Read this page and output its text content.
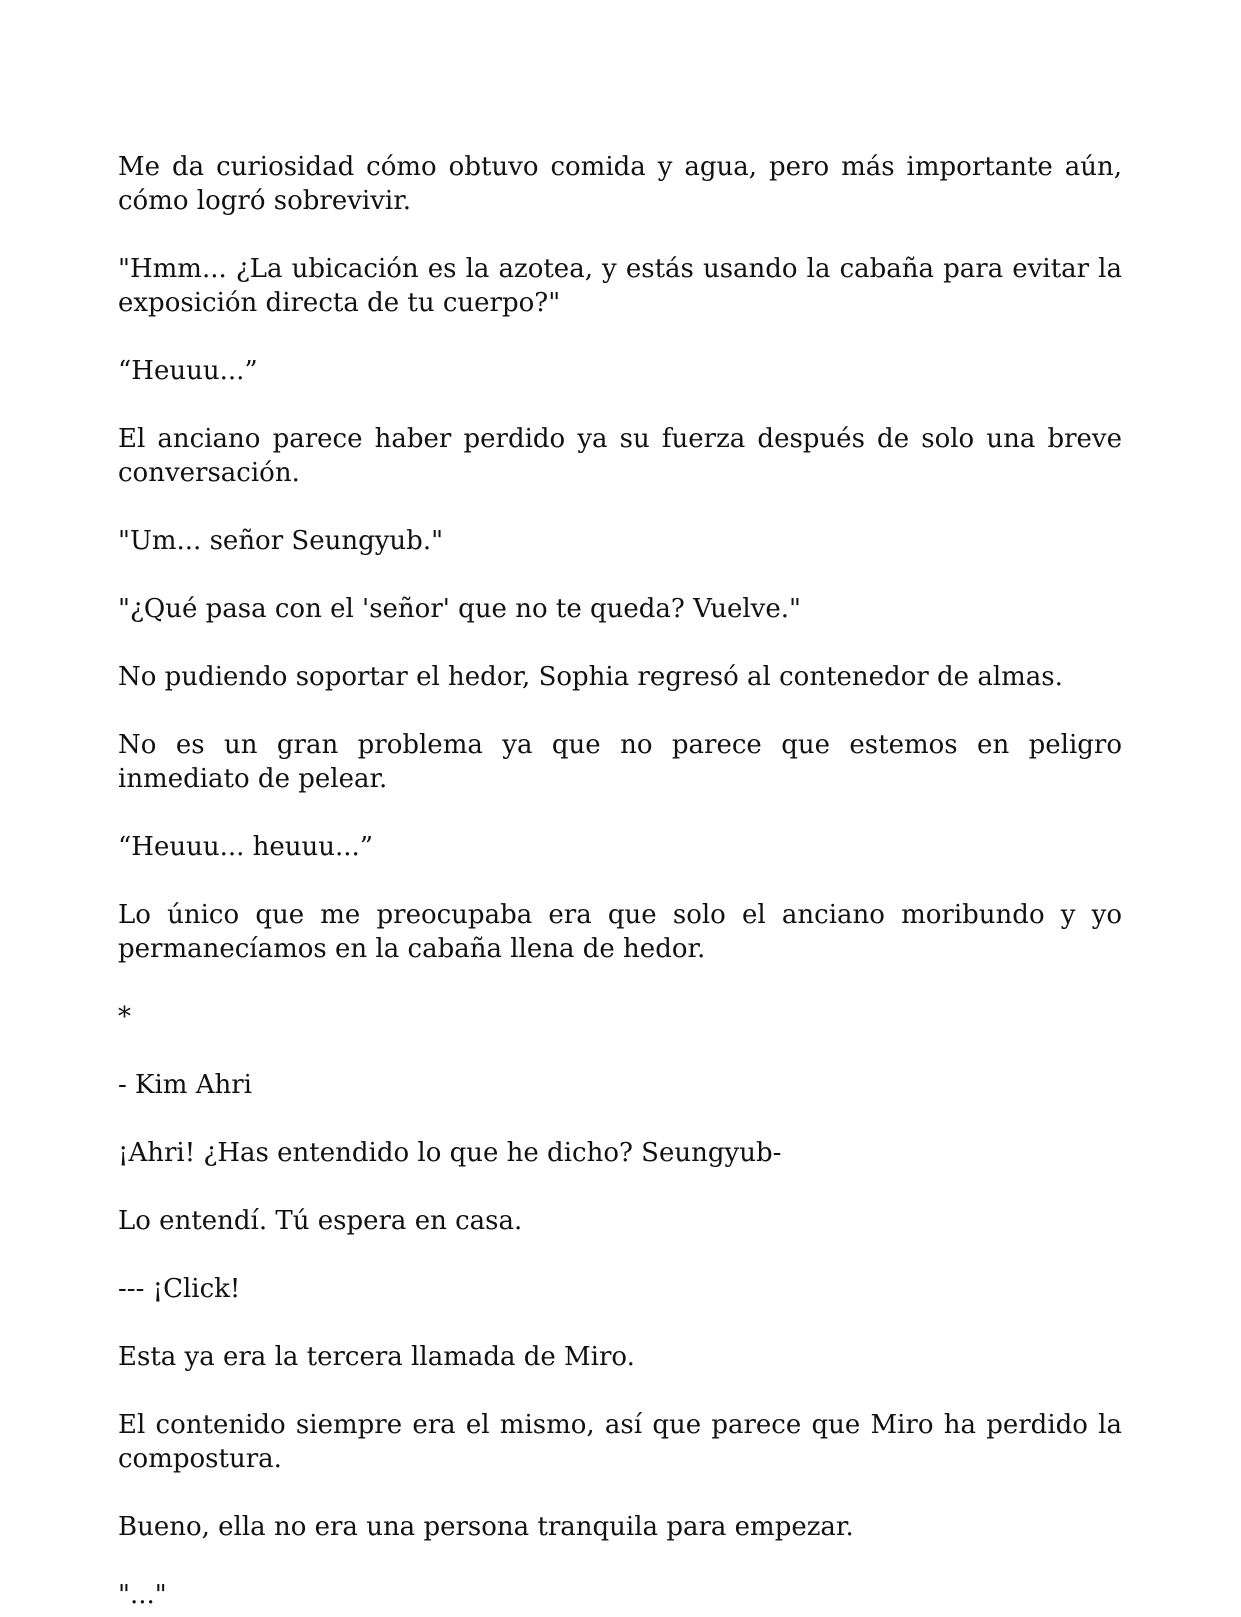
Me da curiosidad cómo obtuvo comida y agua, pero más importante aún, cómo logró sobrevivir.

"Hmm... ¿La ubicación es la azotea, y estás usando la cabaña para evitar la exposición directa de tu cuerpo?"

“Heuuu...”

El anciano parece haber perdido ya su fuerza después de solo una breve conversación.

"Um... señor Seungyub."

"¿Qué pasa con el 'señor' que no te queda? Vuelve."

No pudiendo soportar el hedor, Sophia regresó al contenedor de almas.

No es un gran problema ya que no parece que estemos en peligro inmediato de pelear.

“Heuuu... heuuu...”

Lo único que me preocupaba era que solo el anciano moribundo y yo permanecíamos en la cabaña llena de hedor.

*

- Kim Ahri

¡Ahri! ¿Has entendido lo que he dicho? Seungyub-

Lo entendí. Tú espera en casa.

--- ¡Click!

Esta ya era la tercera llamada de Miro.

El contenido siempre era el mismo, así que parece que Miro ha perdido la compostura.

Bueno, ella no era una persona tranquila para empezar.

"..."
